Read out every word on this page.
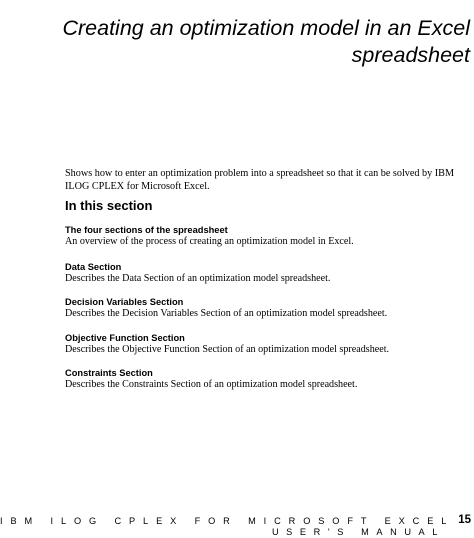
Creating an optimization model in an Excel
spreadsheet

Shows how to enter an optimization problem into a spreadsheet so that it can be solved by IBM ILOG CPLEX for Microsoft Excel.

In this section
The four sections of the spreadsheet
An overview of the process of creating an optimization model in Excel.
Data Section
Describes the Data Section of an optimization model spreadsheet.
Decision Variables Section
Describes the Decision Variables Section of an optimization model spreadsheet.
Objective Function Section
Describes the Objective Function Section of an optimization model spreadsheet.
Constraints Section
Describes the Constraints Section of an optimization model spreadsheet.
IBM ILOG CPLEX FOR MICROSOFT EXCEL
USER'S MANUAL
15
